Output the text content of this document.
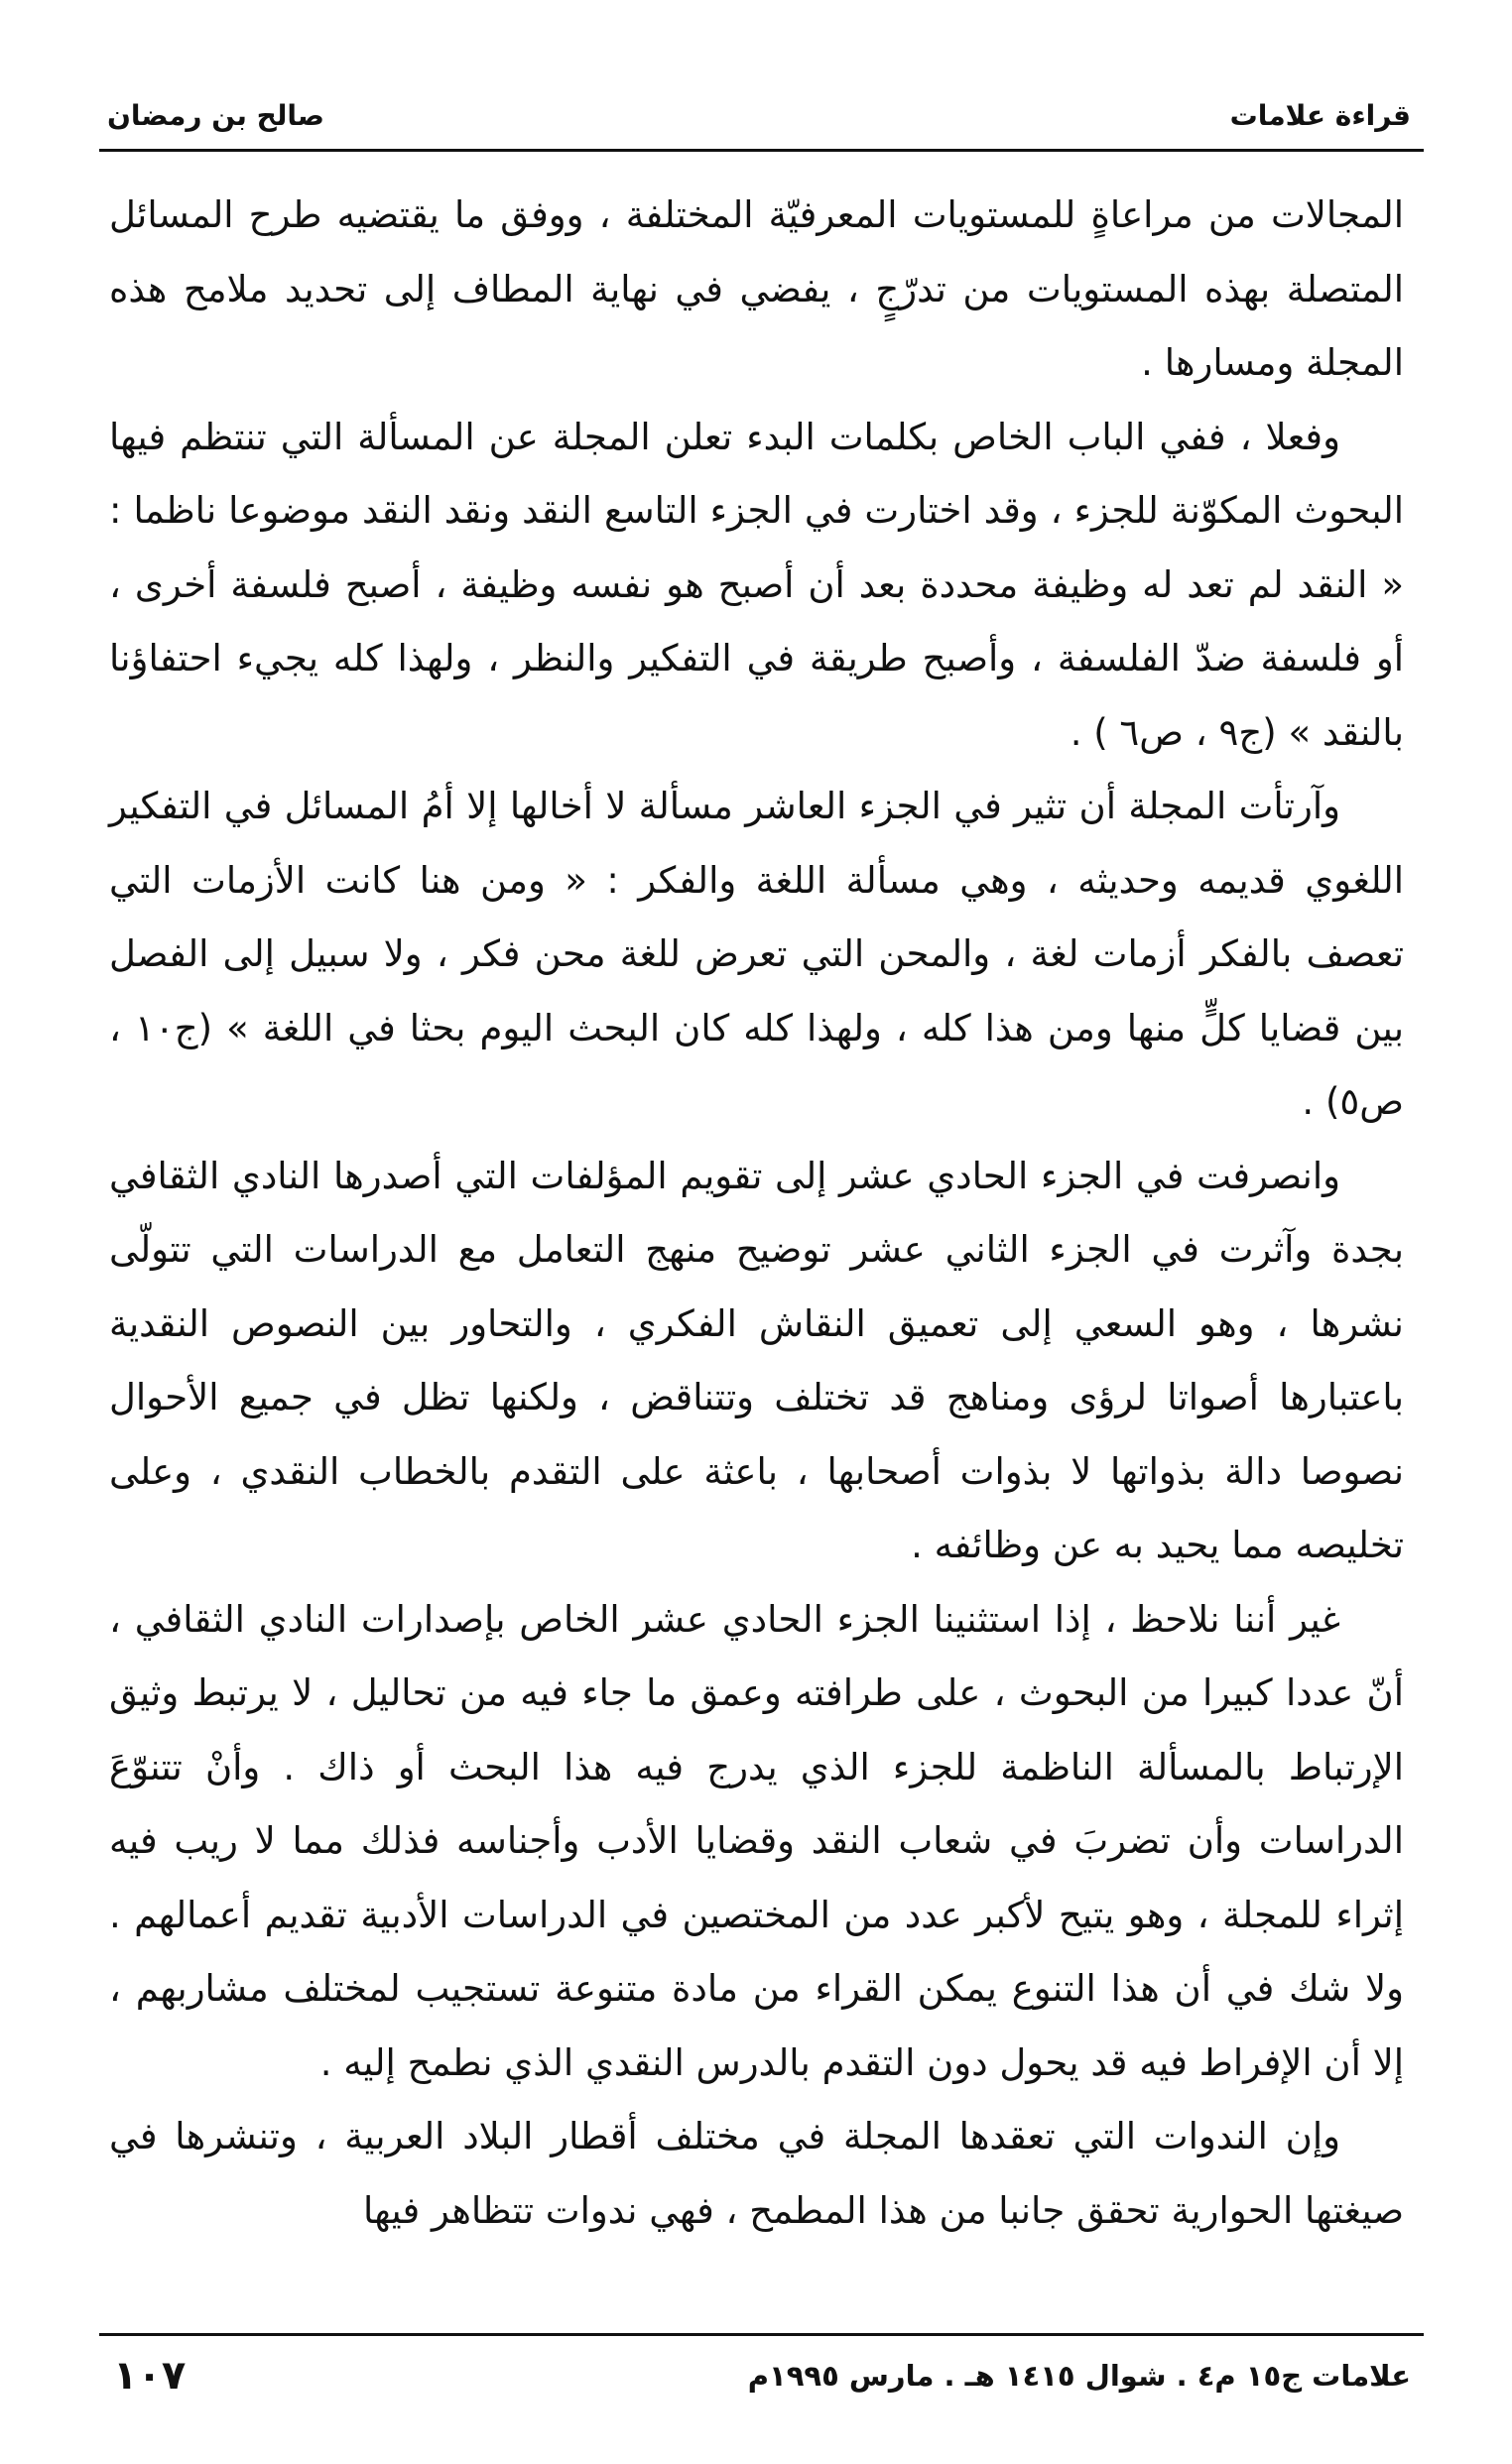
قراءة علامات
صالح بن رمضان

المجالات من مراعاةٍ للمستويات المعرفيّة المختلفة ، ووفق ما يقتضيه طرح المسائل المتصلة بهذه المستويات من تدرّجٍ ، يفضي في نهاية المطاف إلى تحديد ملامح هذه المجلة ومسارها .

وفعلا ، ففي الباب الخاص بكلمات البدء تعلن المجلة عن المسألة التي تنتظم فيها البحوث المكوّنة للجزء ، وقد اختارت في الجزء التاسع النقد ونقد النقد موضوعا ناظما : « النقد لم تعد له وظيفة محددة بعد أن أصبح هو نفسه وظيفة ، أصبح فلسفة أخرى ، أو فلسفة ضدّ الفلسفة ، وأصبح طريقة في التفكير والنظر ، ولهذا كله يجيء احتفاؤنا بالنقد » (ج٩ ، ص٦ ) .

وآرتأت المجلة أن تثير في الجزء العاشر مسألة لا أخالها إلا أمُ المسائل في التفكير اللغوي قديمه وحديثه ، وهي مسألة اللغة والفكر : « ومن هنا كانت الأزمات التي تعصف بالفكر أزمات لغة ، والمحن التي تعرض للغة محن فكر ، ولا سبيل إلى الفصل بين قضايا كلٍّ منها ومن هذا كله ، ولهذا كله كان البحث اليوم بحثا في اللغة » (ج١٠ ، ص٥) .

وانصرفت في الجزء الحادي عشر إلى تقويم المؤلفات التي أصدرها النادي الثقافي بجدة وآثرت في الجزء الثاني عشر توضيح منهج التعامل مع الدراسات التي تتولّى نشرها ، وهو السعي إلى تعميق النقاش الفكري ، والتحاور بين النصوص النقدية باعتبارها أصواتا لرؤى ومناهج قد تختلف وتتناقض ، ولكنها تظل في جميع الأحوال نصوصا دالة بذواتها لا بذوات أصحابها ، باعثة على التقدم بالخطاب النقدي ، وعلى تخليصه مما يحيد به عن وظائفه .

غير أننا نلاحظ ، إذا استثنينا الجزء الحادي عشر الخاص بإصدارات النادي الثقافي ، أنّ عددا كبيرا من البحوث ، على طرافته وعمق ما جاء فيه من تحاليل ، لا يرتبط وثيق الإرتباط بالمسألة الناظمة للجزء الذي يدرج فيه هذا البحث أو ذاك . وأنْ تتنوّعَ الدراسات وأن تضربَ في شعاب النقد وقضايا الأدب وأجناسه فذلك مما لا ريب فيه إثراء للمجلة ، وهو يتيح لأكبر عدد من المختصين في الدراسات الأدبية تقديم أعمالهم . ولا شك في أن هذا التنوع يمكن القراء من مادة متنوعة تستجيب لمختلف مشاربهم ، إلا أن الإفراط فيه قد يحول دون التقدم بالدرس النقدي الذي نطمح إليه .

وإن الندوات التي تعقدها المجلة في مختلف أقطار البلاد العربية ، وتنشرها في صيغتها الحوارية تحقق جانبا من هذا المطمح ، فهي ندوات تتظاهر فيها

علامات ج١٥ م٤ . شوال ١٤١٥ هـ . مارس ١٩٩٥م
١٠٧
